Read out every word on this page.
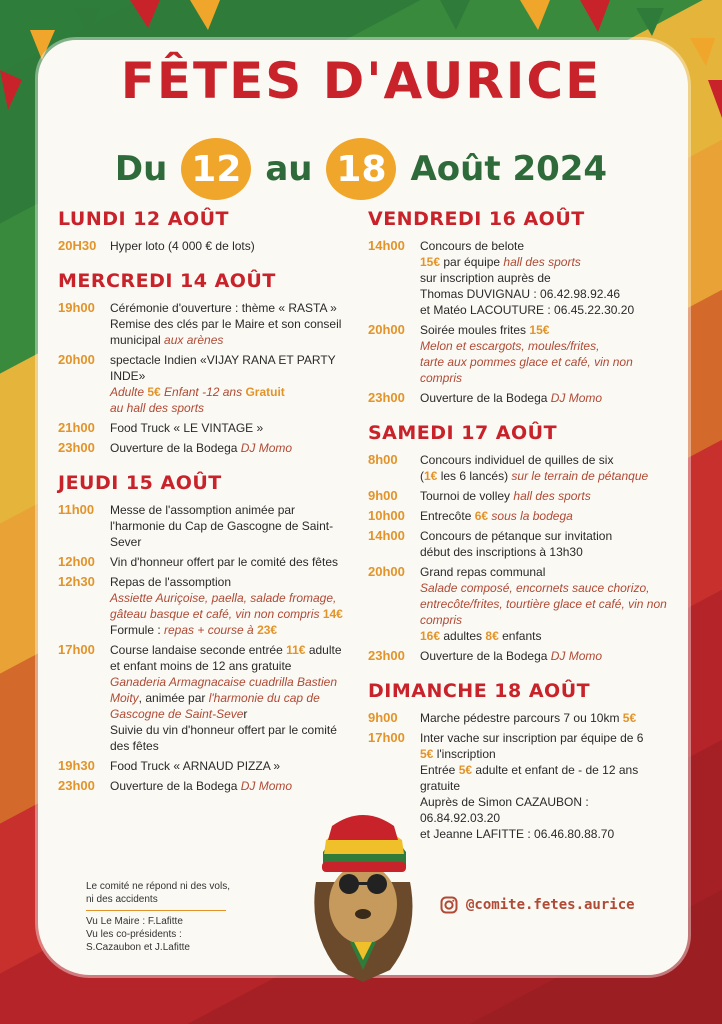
FÊTES D'AURICE
Du 12 au 18 Août 2024
LUNDI 12 AOÛT
20H30	Hyper loto (4 000 € de lots)
MERCREDI 14 AOÛT
19h00	Cérémonie d'ouverture : thème « RASTA »
Remise des clés par le Maire et son conseil
municipal aux arènes
20h00	spectacle Indien «VIJAY RANA ET PARTY INDE»
Adulte 5€ Enfant -12 ans Gratuit
au hall des sports
21h00	Food Truck « LE VINTAGE »
23h00	Ouverture de la Bodega DJ Momo
JEUDI 15 AOÛT
11h00	Messe de l'assomption animée par
l'harmonie du Cap de Gascogne de Saint-Sever
12h00	Vin d'honneur offert par le comité des fêtes
12h30	Repas de l'assomption
Assiette Auriçoise, paella, salade fromage,
gâteau basque et café, vin non compris 14€
Formule : repas + course à 23€
17h00	Course landaise seconde entrée 11€ adulte
et enfant moins de 12 ans gratuite
Ganaderia Armagnacaise cuadrilla Bastien
Moity, animée par l'harmonie du cap de
Gascogne de Saint-Sever
Suivie du vin d'honneur offert par le comité
des fêtes
19h30	Food Truck « ARNAUD PIZZA »
23h00	Ouverture de la Bodega DJ Momo
VENDREDI 16 AOÛT
14h00	Concours de belote
15€ par équipe hall des sports
sur inscription auprès de
Thomas DUVIGNAU : 06.42.98.92.46
et Matéo LACOUTURE : 06.45.22.30.20
20h00	Soirée moules frites 15€
Melon et escargots, moules/frites,
tarte aux pommes glace et café, vin non compris
23h00	Ouverture de la Bodega DJ Momo
SAMEDI 17 AOÛT
8h00	Concours individuel de quilles de six
(1€ les 6 lancés) sur le terrain de pétanque
9h00	Tournoi de volley hall des sports
10h00	Entrecôte 6€ sous la bodega
14h00	Concours de pétanque sur invitation
début des inscriptions à 13h30
20h00	Grand repas communal
Salade composé, encornets sauce chorizo,
entrecôte/frites, tourtière glace et café, vin non compris
16€ adultes 8€ enfants
23h00	Ouverture de la Bodega DJ Momo
DIMANCHE 18 AOÛT
9h00	Marche pédestre parcours 7 ou 10km 5€
17h00	Inter vache sur inscription par équipe de 6
5€ l'inscription
Entrée 5€ adulte et enfant de - de 12 ans gratuite
Auprès de Simon CAZAUBON : 06.84.92.03.20
et Jeanne LAFITTE : 06.46.80.88.70
Le comité ne répond ni des vols,
ni des accidents
Vu Le Maire : F.Lafitte
Vu les co-présidents :
S.Cazaubon et J.Lafitte
@comite.fetes.aurice
